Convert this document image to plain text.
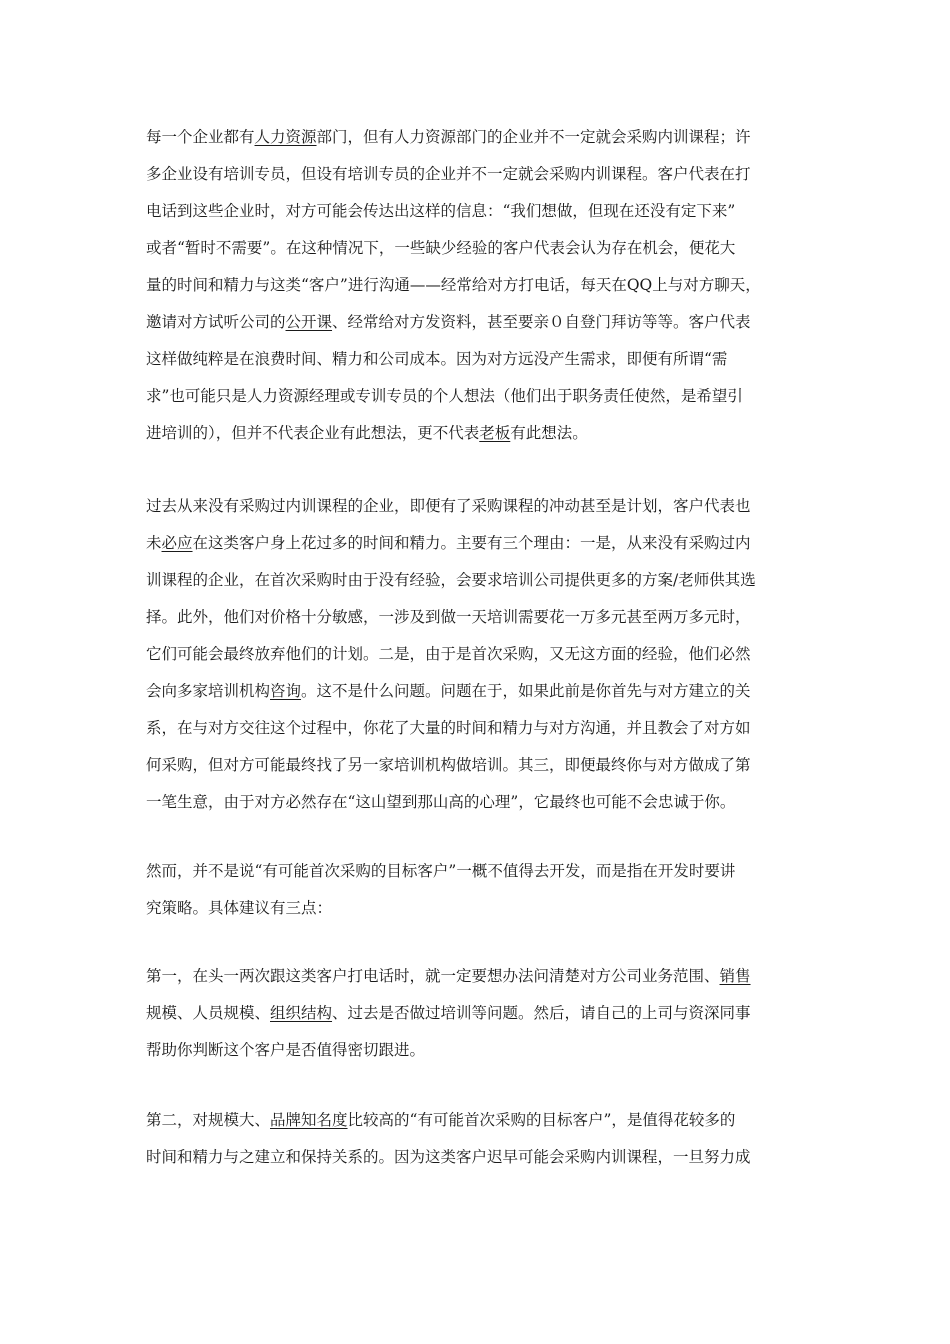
每一个企业都有人力资源部门，但有人力资源部门的企业并不一定就会采购内训课程；许
多企业设有培训专员，但设有培训专员的企业并不一定就会采购内训课程。客户代表在打
电话到这些企业时，对方可能会传达出这样的信息：“我们想做，但现在还没有定下来”
或者“暂时不需要”。在这种情况下，一些缺少经验的客户代表会认为存在机会，便花大
量的时间和精力与这类“客户”进行沟通——经常给对方打电话，每天在QQ上与对方聊天，
邀请对方试听公司的公开课、经常给对方发资料，甚至要亲０自登门拜访等等。客户代表
这样做纯粹是在浪费时间、精力和公司成本。因为对方远没产生需求，即便有所谓“需
求”也可能只是人力资源经理或专训专员的个人想法（他们出于职务责任使然，是希望引
进培训的），但并不代表企业有此想法，更不代表老板有此想法。
过去从来没有采购过内训课程的企业，即便有了采购课程的冲动甚至是计划，客户代表也
未必应在这类客户身上花过多的时间和精力。主要有三个理由：一是，从来没有采购过内
训课程的企业，在首次采购时由于没有经验，会要求培训公司提供更多的方案/老师供其选
择。此外，他们对价格十分敏感，一涉及到做一天培训需要花一万多元甚至两万多元时，
它们可能会最终放弃他们的计划。二是，由于是首次采购，又无这方面的经验，他们必然
会向多家培训机构咨询。这不是什么问题。问题在于，如果此前是你首先与对方建立的关
系，在与对方交往这个过程中，你花了大量的时间和精力与对方沟通，并且教会了对方如
何采购，但对方可能最终找了另一家培训机构做培训。其三，即便最终你与对方做成了第
一笔生意，由于对方必然存在“这山望到那山高的心理”，它最终也可能不会忠诚于你。
然而，并不是说“有可能首次采购的目标客户”一概不值得去开发，而是指在开发时要讲
究策略。具体建议有三点：
第一，在头一两次跟这类客户打电话时，就一定要想办法问清楚对方公司业务范围、销售
规模、人员规模、组织结构、过去是否做过培训等问题。然后，请自己的上司与资深同事
帮助你判断这个客户是否值得密切跟进。
第二，对规模大、品牌知名度比较高的“有可能首次采购的目标客户”，是值得花较多的
时间和精力与之建立和保持关系的。因为这类客户迟早可能会采购内训课程，一旦努力成
